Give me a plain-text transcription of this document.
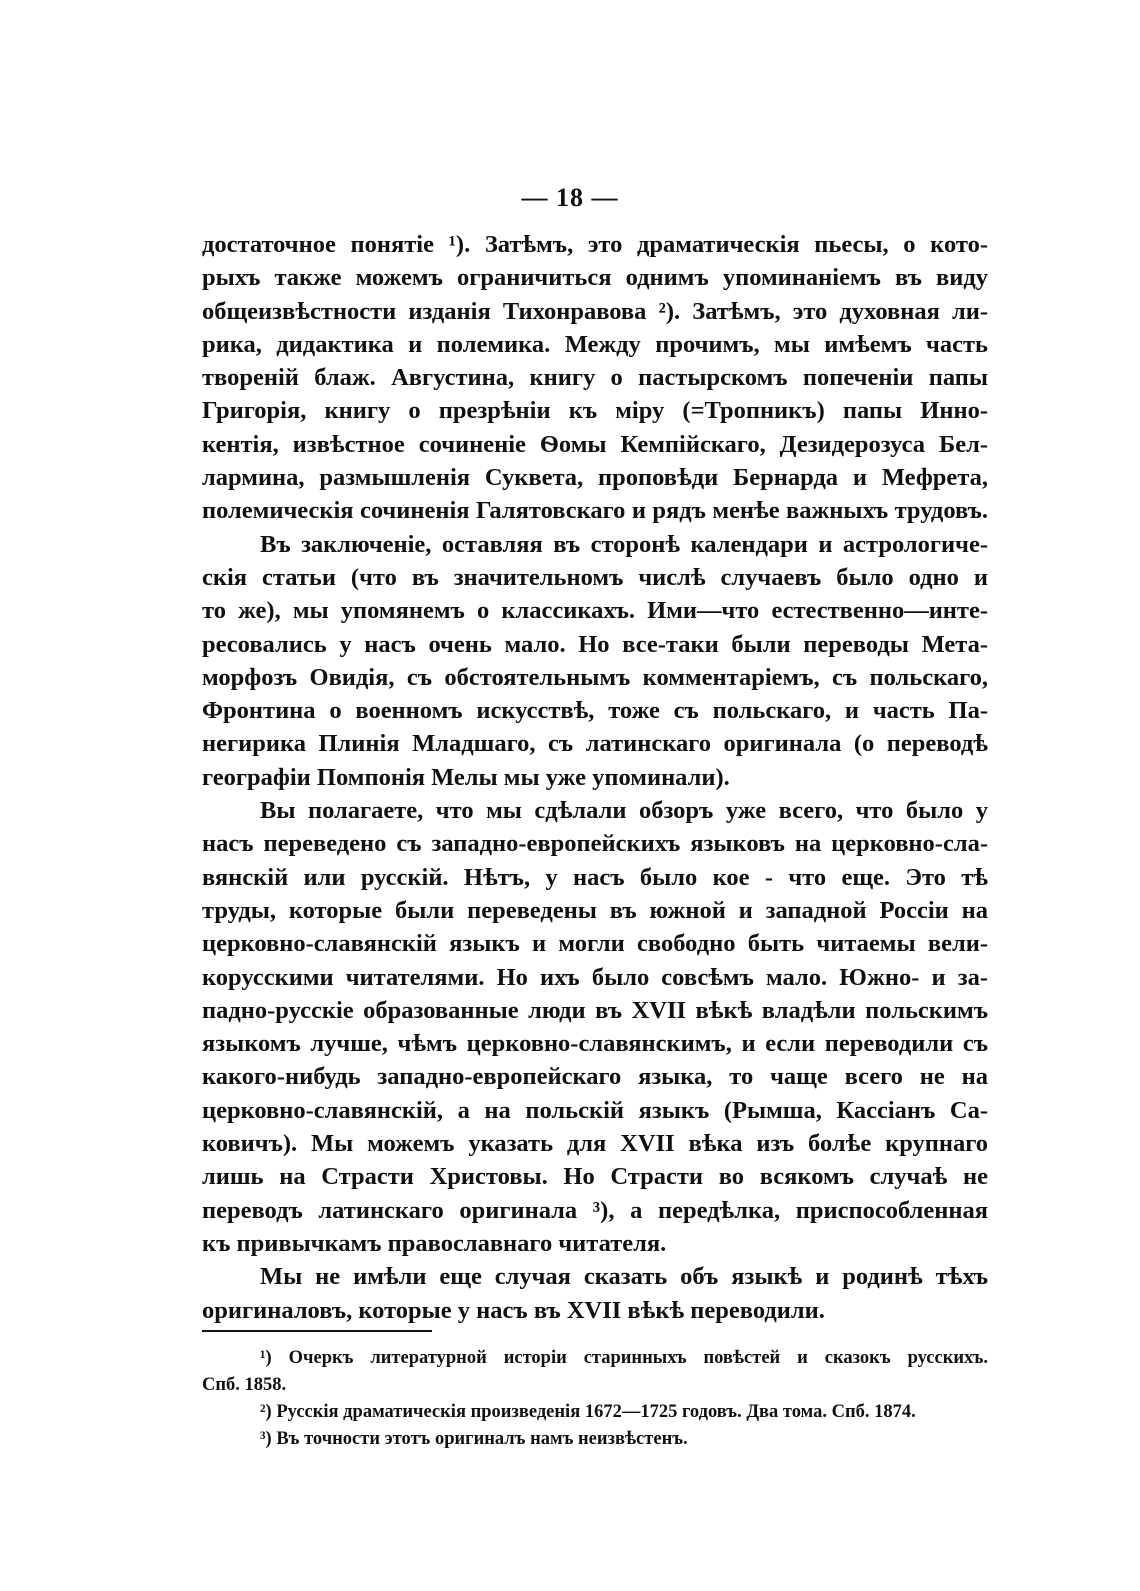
— 18 —

достаточное понятіе ¹). Затѣмъ, это драматическія пьесы, о кото-
рыхъ также можемъ ограничиться однимъ упоминаніемъ въ виду
общеизвѣстности изданія Тихонравова ²). Затѣмъ, это духовная ли-
рика, дидактика и полемика. Между прочимъ, мы имѣемъ часть
твореній блаж. Августина, книгу о пастырскомъ попеченіи папы
Григорія, книгу о презрѣніи къ міру (=Тропникъ) папы Инно-
кентія, извѣстное сочиненіе Ѳомы Кемпійскаго, Дезидерозуса Бел-
лармина, размышленія Суквета, проповѣди Бернарда и Мефрета,
полемическія сочиненія Галятовскаго и рядъ менѣе важныхъ трудовъ.

Въ заключеніе, оставляя въ сторонѣ календари и астрологиче-
скія статьи (что въ значительномъ числѣ случаевъ было одно и
то же), мы упомянемъ о классикахъ. Ими—что естественно—инте-
ресовались у насъ очень мало. Но все-таки были переводы Мета-
морфозъ Овидія, съ обстоятельнымъ комментаріемъ, съ польскаго,
Фронтина о военномъ искусствѣ, тоже съ польскаго, и часть Па-
негирика Плинія Младшаго, съ латинскаго оригинала (о переводѣ
географіи Помпонія Мелы мы уже упоминали).

Вы полагаете, что мы сдѣлали обзоръ уже всего, что было у
насъ переведено съ западно-европейскихъ языковъ на церковно-сла-
вянскій или русскій. Нѣтъ, у насъ было кое - что еще. Это тѣ
труды, которые были переведены въ южной и западной Россіи на
церковно-славянскій языкъ и могли свободно быть читаемы вели-
корусскими читателями. Но ихъ было совсѣмъ мало. Южно- и за-
падно-русскіе образованные люди въ XVII вѣкѣ владѣли польскимъ
языкомъ лучше, чѣмъ церковно-славянскимъ, и если переводили съ
какого-нибудь западно-европейскаго языка, то чаще всего не на
церковно-славянскій, а на польскій языкъ (Рымша, Кассіанъ Са-
ковичъ). Мы можемъ указать для XVII вѣка изъ болѣе крупнаго
лишь на Страсти Христовы. Но Страсти во всякомъ случаѣ не
переводъ латинскаго оригинала ³), а передѣлка, приспособленная
къ привычкамъ православнаго читателя.

Мы не имѣли еще случая сказать объ языкѣ и родинѣ тѣхъ
оригиналовъ, которые у насъ въ XVII вѣкѣ переводили.

¹) Очеркъ литературной исторіи старинныхъ повѣстей и сказокъ русскихъ.
Спб. 1858.
²) Русскія драматическія произведенія 1672—1725 годовъ. Два тома. Спб. 1874.
³) Въ точности этотъ оригиналъ намъ неизвѣстенъ.
